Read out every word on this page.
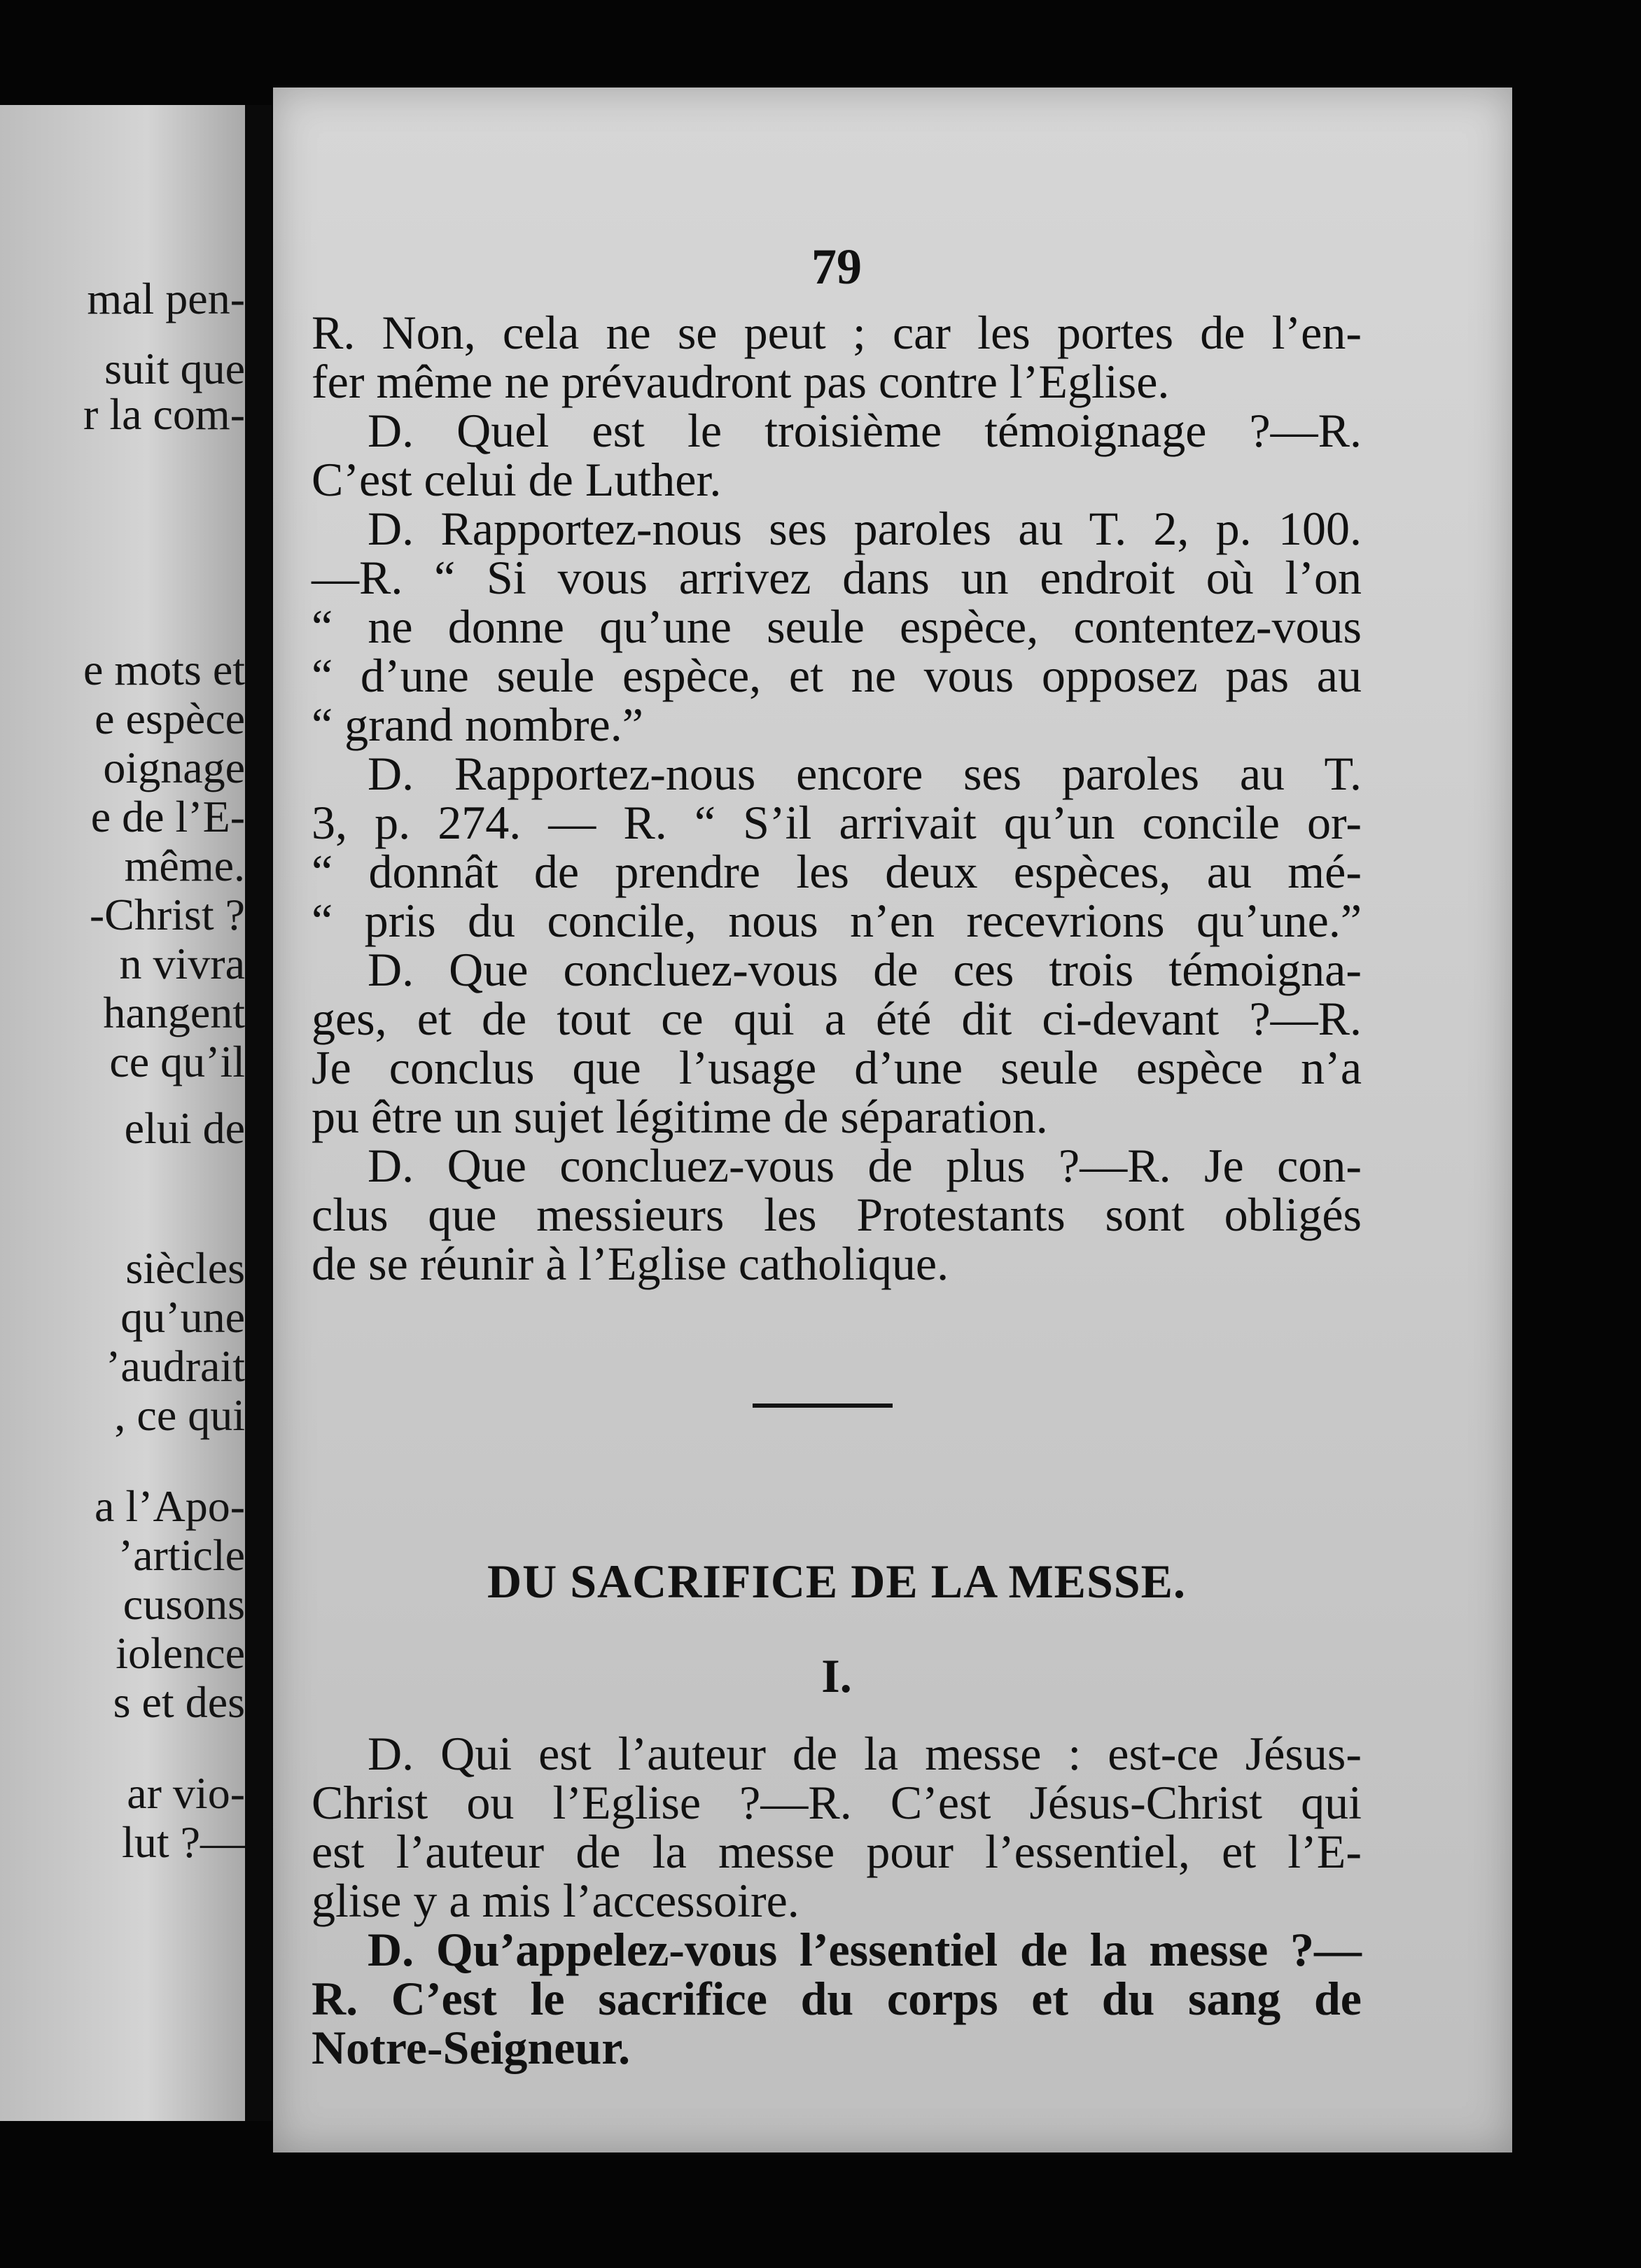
mal pen-
suit que
r la com-
e mots et
e espèce
oignage
e de l’E-
même.
-Christ ?
n vivra
hangent
ce qu’il
elui de
siècles
qu’une
’audrait
, ce qui
a l’Apo-
’article
cusons
iolence
s et des
ar vio-
lut ?—
79
R. Non, cela ne se peut ; car les portes de l’en-
fer même ne prévaudront pas contre l’Eglise.
D. Quel est le troisième témoignage ?—R.
C’est celui de Luther.
D. Rapportez-nous ses paroles au T. 2, p. 100.
—R. “ Si vous arrivez dans un endroit où l’on
“ ne donne qu’une seule espèce, contentez-vous
“ d’une seule espèce, et ne vous opposez pas au
“ grand nombre.”
D. Rapportez-nous encore ses paroles au T.
3, p. 274. — R. “ S’il arrivait qu’un concile or-
“ donnât de prendre les deux espèces, au mé-
“ pris du concile, nous n’en recevrions qu’une.”
D. Que concluez-vous de ces trois témoigna-
ges, et de tout ce qui a été dit ci-devant ?—R.
Je conclus que l’usage d’une seule espèce n’a
pu être un sujet légitime de séparation.
D. Que concluez-vous de plus ?—R. Je con-
clus que messieurs les Protestants sont obligés
de se réunir à l’Eglise catholique.
DU SACRIFICE DE LA MESSE.
I.
D. Qui est l’auteur de la messe : est-ce Jésus-
Christ ou l’Eglise ?—R. C’est Jésus-Christ qui
est l’auteur de la messe pour l’essentiel, et l’E-
glise y a mis l’accessoire.
D. Qu’appelez-vous l’essentiel de la messe ?—
R. C’est le sacrifice du corps et du sang de
Notre-Seigneur.
